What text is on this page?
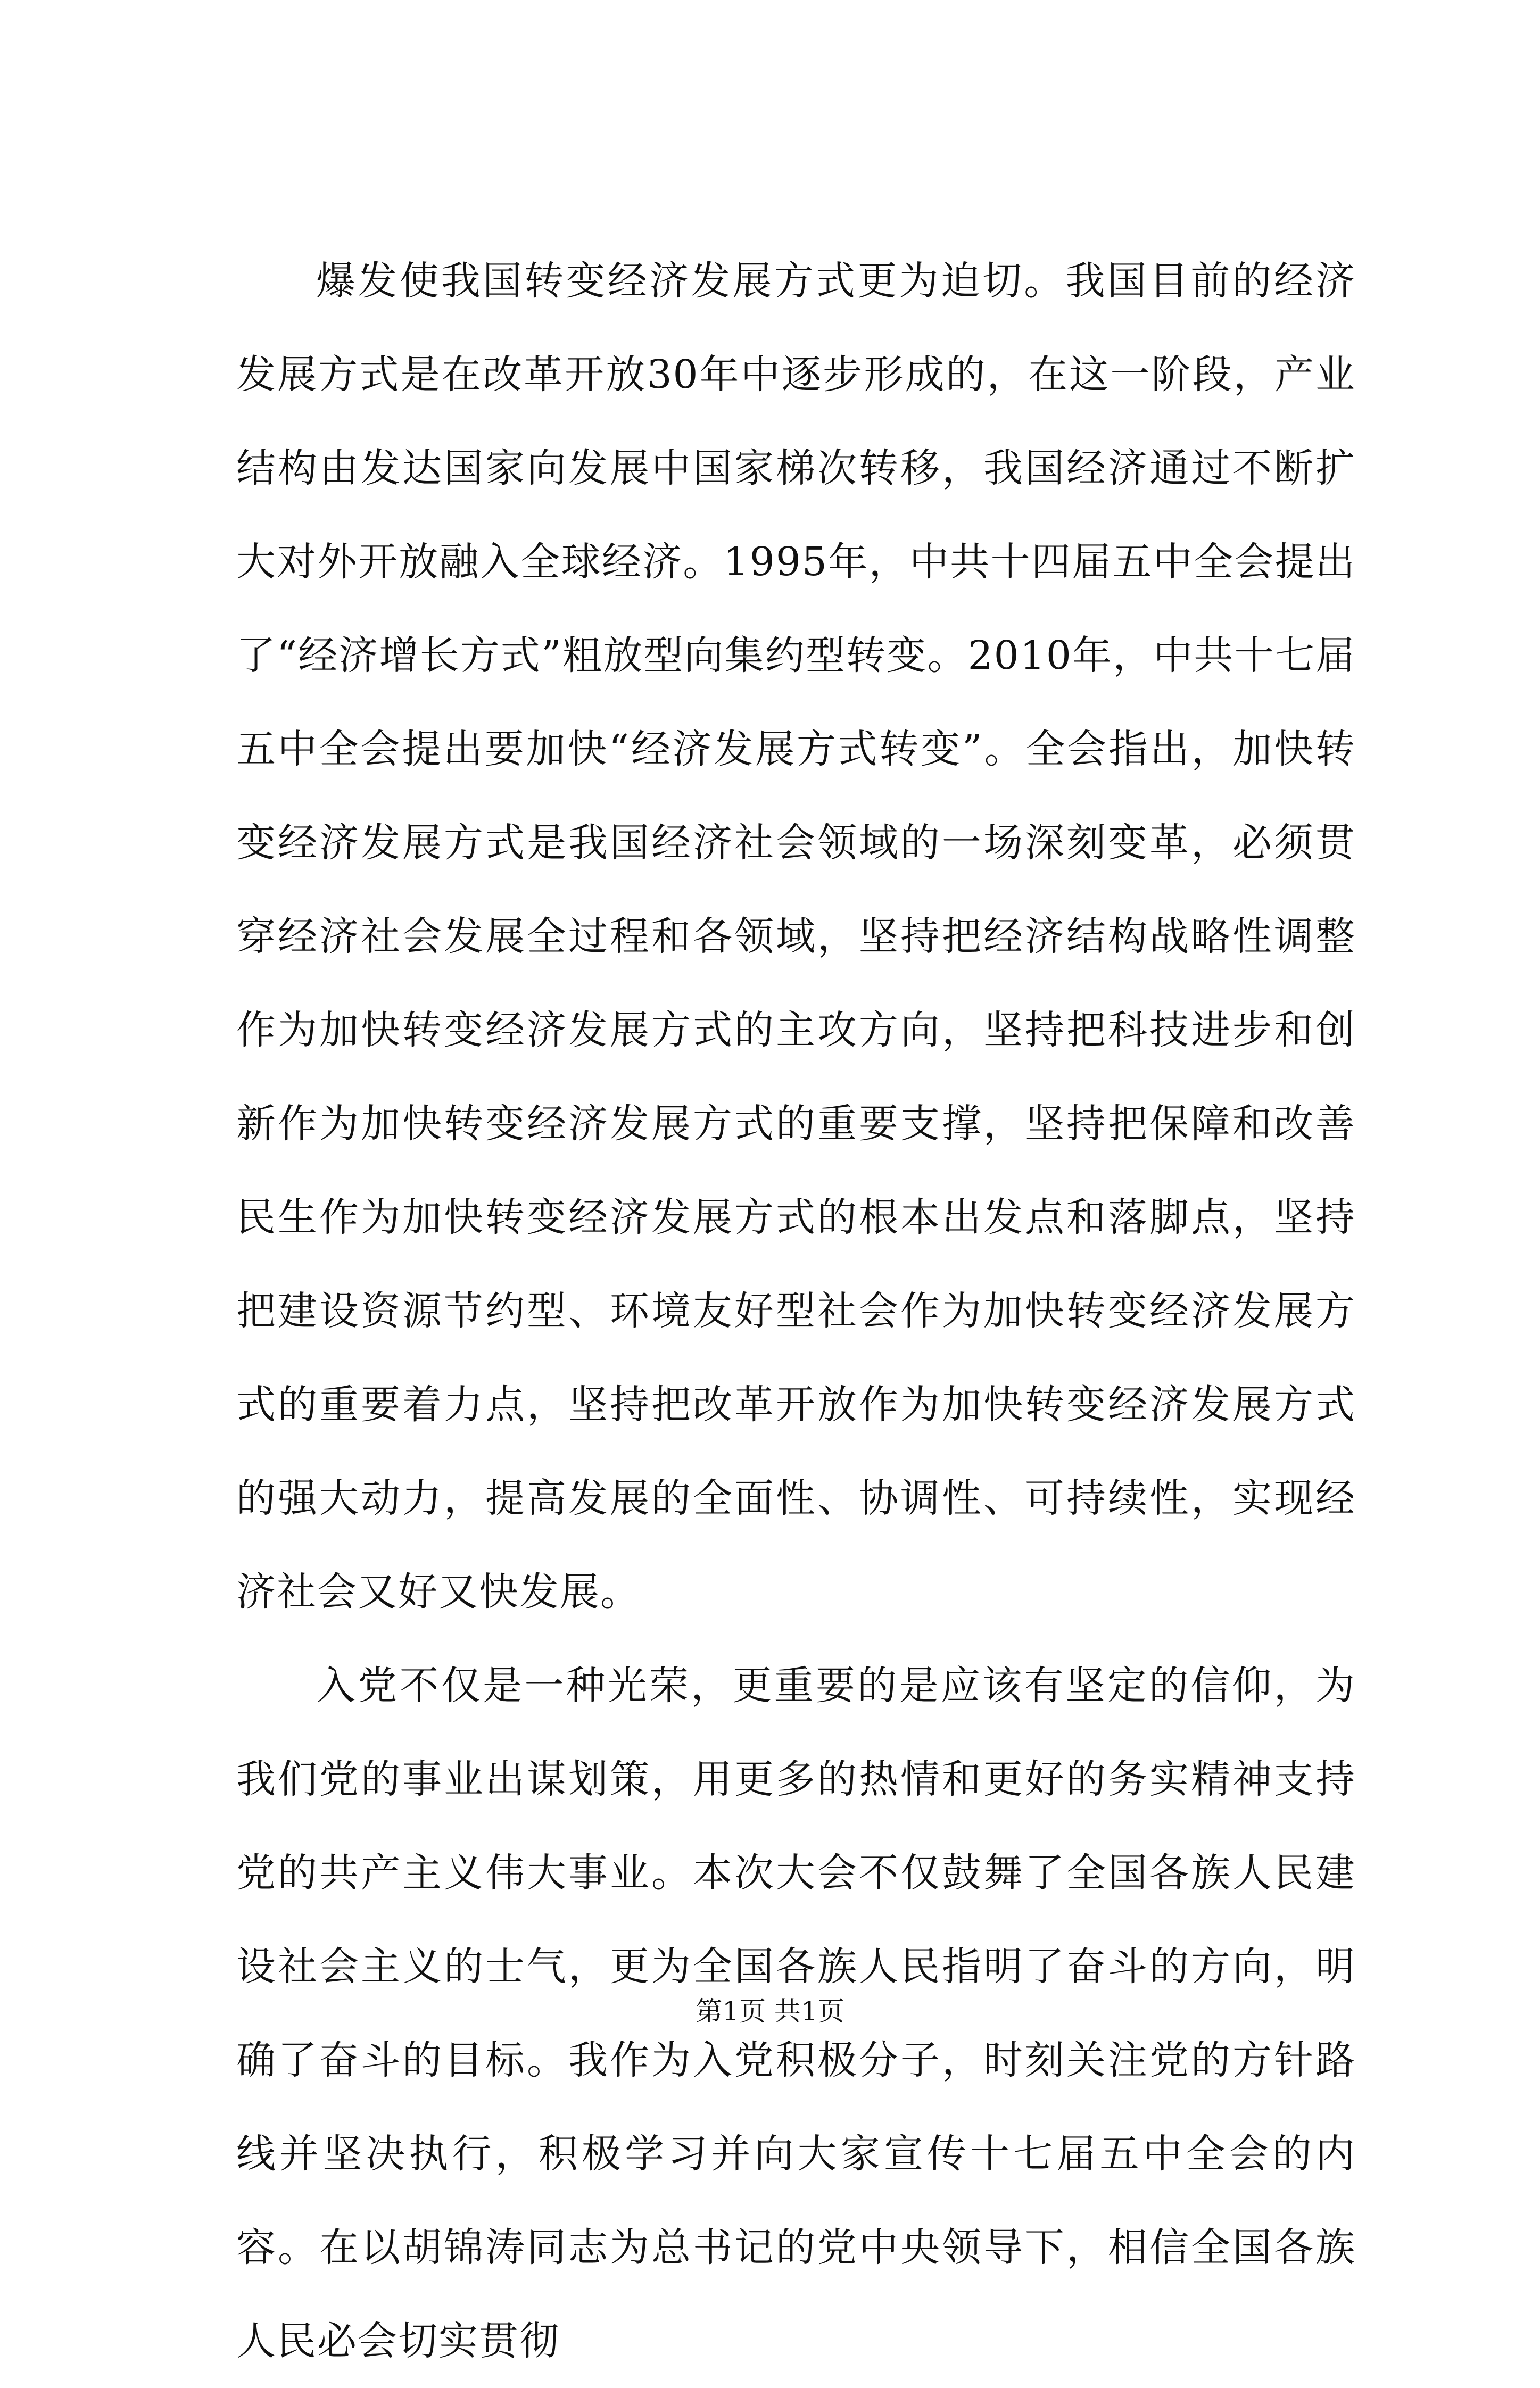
爆发使我国转变经济发展方式更为迫切。我国目前的经济发展方式是在改革开放30年中逐步形成的，在这一阶段，产业结构由发达国家向发展中国家梯次转移，我国经济通过不断扩大对外开放融入全球经济。1995年，中共十四届五中全会提出了“经济增长方式”粗放型向集约型转变。2010年，中共十七届五中全会提出要加快“经济发展方式转变”。全会指出，加快转变经济发展方式是我国经济社会领域的一场深刻变革，必须贯穿经济社会发展全过程和各领域，坚持把经济结构战略性调整作为加快转变经济发展方式的主攻方向，坚持把科技进步和创新作为加快转变经济发展方式的重要支撑，坚持把保障和改善民生作为加快转变经济发展方式的根本出发点和落脚点，坚持把建设资源节约型、环境友好型社会作为加快转变经济发展方式的重要着力点，坚持把改革开放作为加快转变经济发展方式的强大动力，提高发展的全面性、协调性、可持续性，实现经济社会又好又快发展。

入党不仅是一种光荣，更重要的是应该有坚定的信仰，为我们党的事业出谋划策，用更多的热情和更好的务实精神支持党的共产主义伟大事业。本次大会不仅鼓舞了全国各族人民建设社会主义的士气，更为全国各族人民指明了奋斗的方向，明确了奋斗的目标。我作为入党积极分子，时刻关注党的方针路线并坚决执行，积极学习并向大家宣传十七届五中全会的内容。在以胡锦涛同志为总书记的党中央领导下，相信全国各族人民必会切实贯彻

第1页 共1页
